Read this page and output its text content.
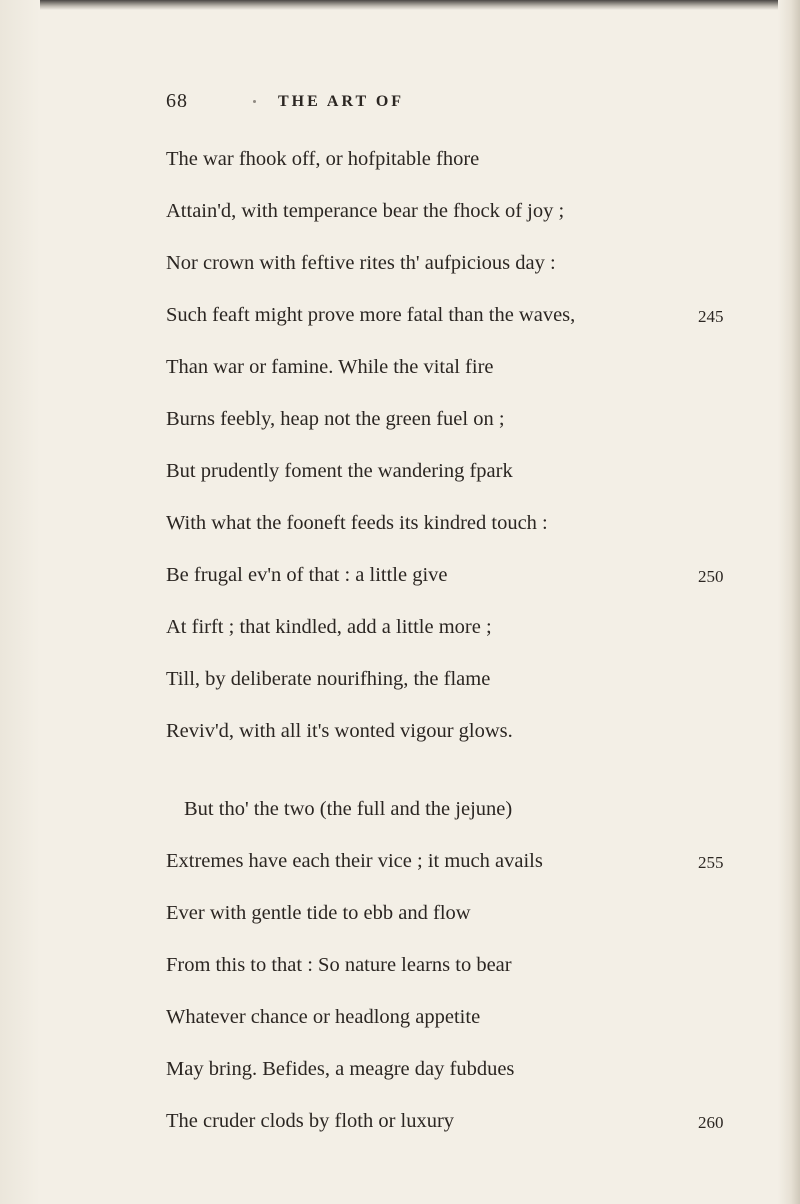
68	THE ART OF
The war fhook off, or hofpitable fhore
Attain'd, with temperance bear the fhock of joy ;
Nor crown with feftive rites th' aufpicious day :
Such feaft might prove more fatal than the waves,
Than war or famine. While the vital fire
Burns feebly, heap not the green fuel on ;
But prudently foment the wandering fpark
With what the fooneft feeds its kindred touch :
Be frugal ev'n of that : a little give
At firft ; that kindled, add a little more ;
Till, by deliberate nourifhing, the flame
Reviv'd, with all it's wonted vigour glows.
But tho' the two (the full and the jejune)
Extremes have each their vice ; it much avails
Ever with gentle tide to ebb and flow
From this to that : So nature learns to bear
Whatever chance or headlong appetite
May bring. Befides, a meagre day fubdues
The cruder clods by floth or luxury
245
250
255
260
